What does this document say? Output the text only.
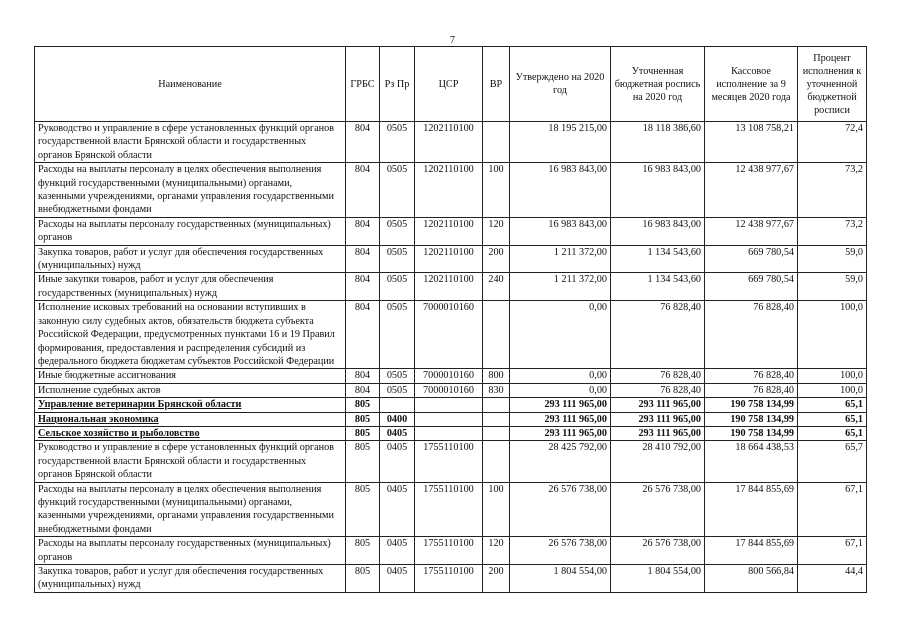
7
Наименование	ГРБС	Рз Пр	ЦСР	ВР	Утверждено на 2020 год	Уточненная бюджетная роспись на 2020 год	Кассовое исполнение за 9 месяцев 2020 года	Процент исполнения к уточненной бюджетной росписи
Руководство и управление в сфере установленных функций органов государственной власти Брянской области и государственных органов Брянской области	804	0505	1202110100		18 195 215,00	18 118 386,60	13 108 758,21	72,4
Расходы на выплаты персоналу в целях обеспечения выполнения функций государственными (муниципальными) органами, казенными учреждениями, органами управления государственными внебюджетными фондами	804	0505	1202110100	100	16 983 843,00	16 983 843,00	12 438 977,67	73,2
Расходы на выплаты персоналу государственных (муниципальных) органов	804	0505	1202110100	120	16 983 843,00	16 983 843,00	12 438 977,67	73,2
Закупка товаров, работ и услуг для обеспечения государственных (муниципальных) нужд	804	0505	1202110100	200	1 211 372,00	1 134 543,60	669 780,54	59,0
Иные закупки товаров, работ и услуг для обеспечения государственных (муниципальных) нужд	804	0505	1202110100	240	1 211 372,00	1 134 543,60	669 780,54	59,0
Исполнение исковых требований на основании вступивших в законную силу судебных актов, обязательств бюджета субъекта Российской Федерации, предусмотренных пунктами 16 и 19 Правил формирования, предоставления и распределения субсидий из федерального бюджета бюджетам субъектов Российской Федерации	804	0505	7000010160		0,00	76 828,40	76 828,40	100,0
Иные бюджетные ассигнования	804	0505	7000010160	800	0,00	76 828,40	76 828,40	100,0
Исполнение судебных актов	804	0505	7000010160	830	0,00	76 828,40	76 828,40	100,0
Управление ветеринарии Брянской области	805				293 111 965,00	293 111 965,00	190 758 134,99	65,1
Национальная экономика	805	0400			293 111 965,00	293 111 965,00	190 758 134,99	65,1
Сельское хозяйство и рыболовство	805	0405			293 111 965,00	293 111 965,00	190 758 134,99	65,1
Руководство и управление в сфере установленных функций органов государственной власти Брянской области и государственных органов Брянской области	805	0405	1755110100		28 425 792,00	28 410 792,00	18 664 438,53	65,7
Расходы на выплаты персоналу в целях обеспечения выполнения функций государственными (муниципальными) органами, казенными учреждениями, органами управления государственными внебюджетными фондами	805	0405	1755110100	100	26 576 738,00	26 576 738,00	17 844 855,69	67,1
Расходы на выплаты персоналу государственных (муниципальных) органов	805	0405	1755110100	120	26 576 738,00	26 576 738,00	17 844 855,69	67,1
Закупка товаров, работ и услуг для обеспечения государственных (муниципальных) нужд	805	0405	1755110100	200	1 804 554,00	1 804 554,00	800 566,84	44,4
